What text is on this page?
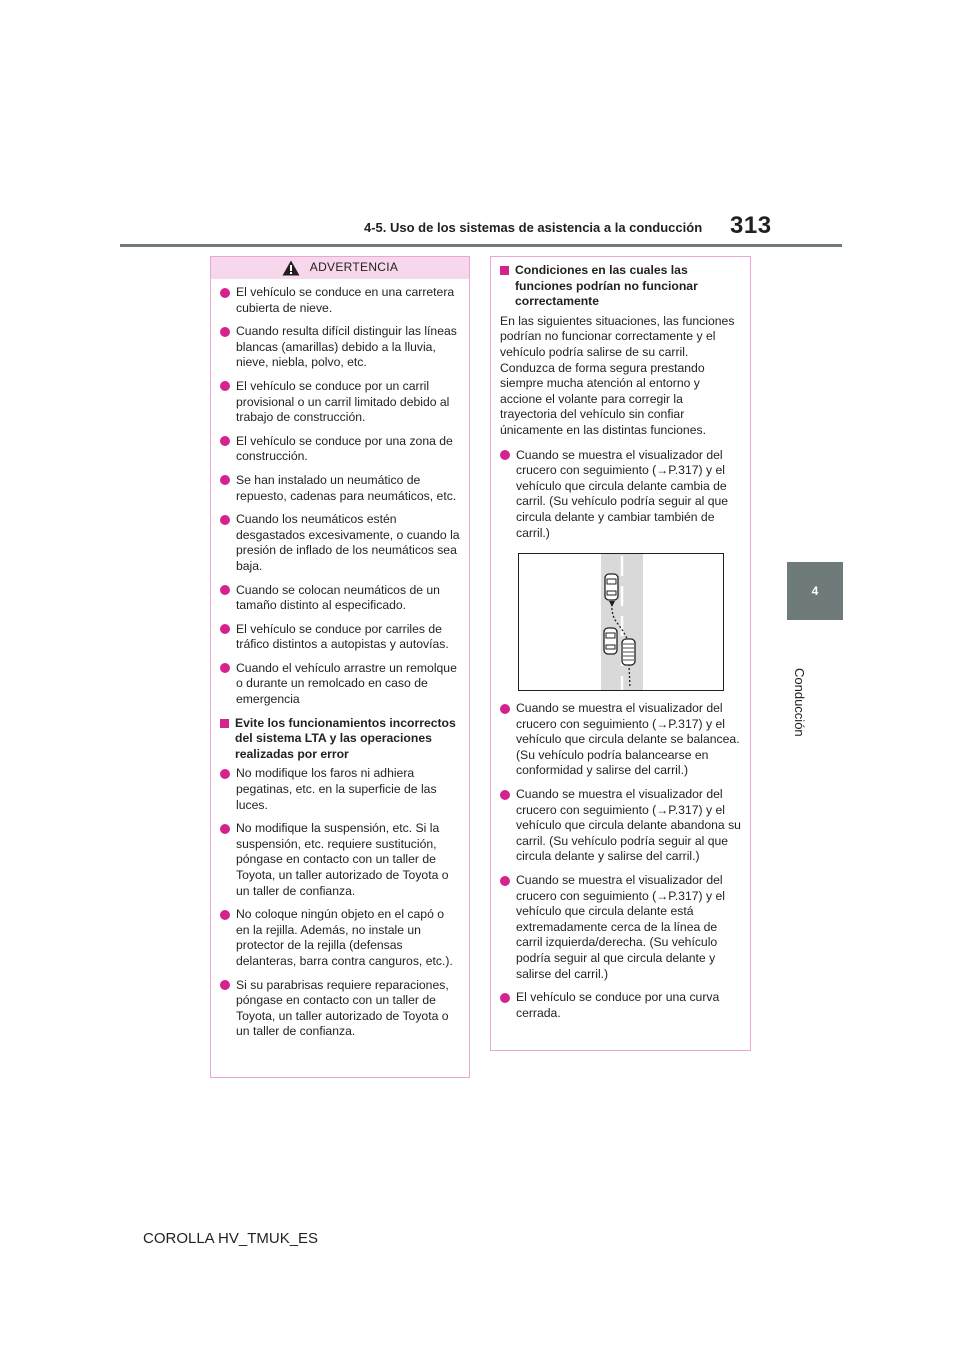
313
4-5. Uso de los sistemas de asistencia a la conducción
4
Conducción
ADVERTENCIA
El vehículo se conduce en una carretera cubierta de nieve.
Cuando resulta difícil distinguir las líneas blancas (amarillas) debido a la lluvia, nieve, niebla, polvo, etc.
El vehículo se conduce por un carril provisional o un carril limitado debido al trabajo de construcción.
El vehículo se conduce por una zona de construcción.
Se han instalado un neumático de repuesto, cadenas para neumáticos, etc.
Cuando los neumáticos estén desgastados excesivamente, o cuando la presión de inflado de los neumáticos sea baja.
Cuando se colocan neumáticos de un tamaño distinto al especificado.
El vehículo se conduce por carriles de tráfico distintos a autopistas y autovías.
Cuando el vehículo arrastre un remolque o durante un remolcado en caso de emergencia
Evite los funcionamientos incorrectos del sistema LTA y las operaciones realizadas por error
No modifique los faros ni adhiera pegatinas, etc. en la superficie de las luces.
No modifique la suspensión, etc. Si la suspensión, etc. requiere sustitución, póngase en contacto con un taller de Toyota, un taller autorizado de Toyota o un taller de confianza.
No coloque ningún objeto en el capó o en la rejilla. Además, no instale un protector de la rejilla (defensas delanteras, barra contra canguros, etc.).
Si su parabrisas requiere reparaciones, póngase en contacto con un taller de Toyota, un taller autorizado de Toyota o un taller de confianza.
Condiciones en las cuales las funciones podrían no funcionar correctamente
En las siguientes situaciones, las funciones podrían no funcionar correctamente y el vehículo podría salirse de su carril. Conduzca de forma segura prestando siempre mucha atención al entorno y accione el volante para corregir la trayectoria del vehículo sin confiar únicamente en las distintas funciones.
Cuando se muestra el visualizador del crucero con seguimiento (→P.317) y el vehículo que circula delante cambia de carril. (Su vehículo podría seguir al que circula delante y cambiar también de carril.)
Cuando se muestra el visualizador del crucero con seguimiento (→P.317) y el vehículo que circula delante se balancea. (Su vehículo podría balancearse en conformidad y salirse del carril.)
Cuando se muestra el visualizador del crucero con seguimiento (→P.317) y el vehículo que circula delante abandona su carril. (Su vehículo podría seguir al que circula delante y salirse del carril.)
Cuando se muestra el visualizador del crucero con seguimiento (→P.317) y el vehículo que circula delante está extremadamente cerca de la línea de carril izquierda/derecha. (Su vehículo podría seguir al que circula delante y salirse del carril.)
El vehículo se conduce por una curva cerrada.
COROLLA HV_TMUK_ES
